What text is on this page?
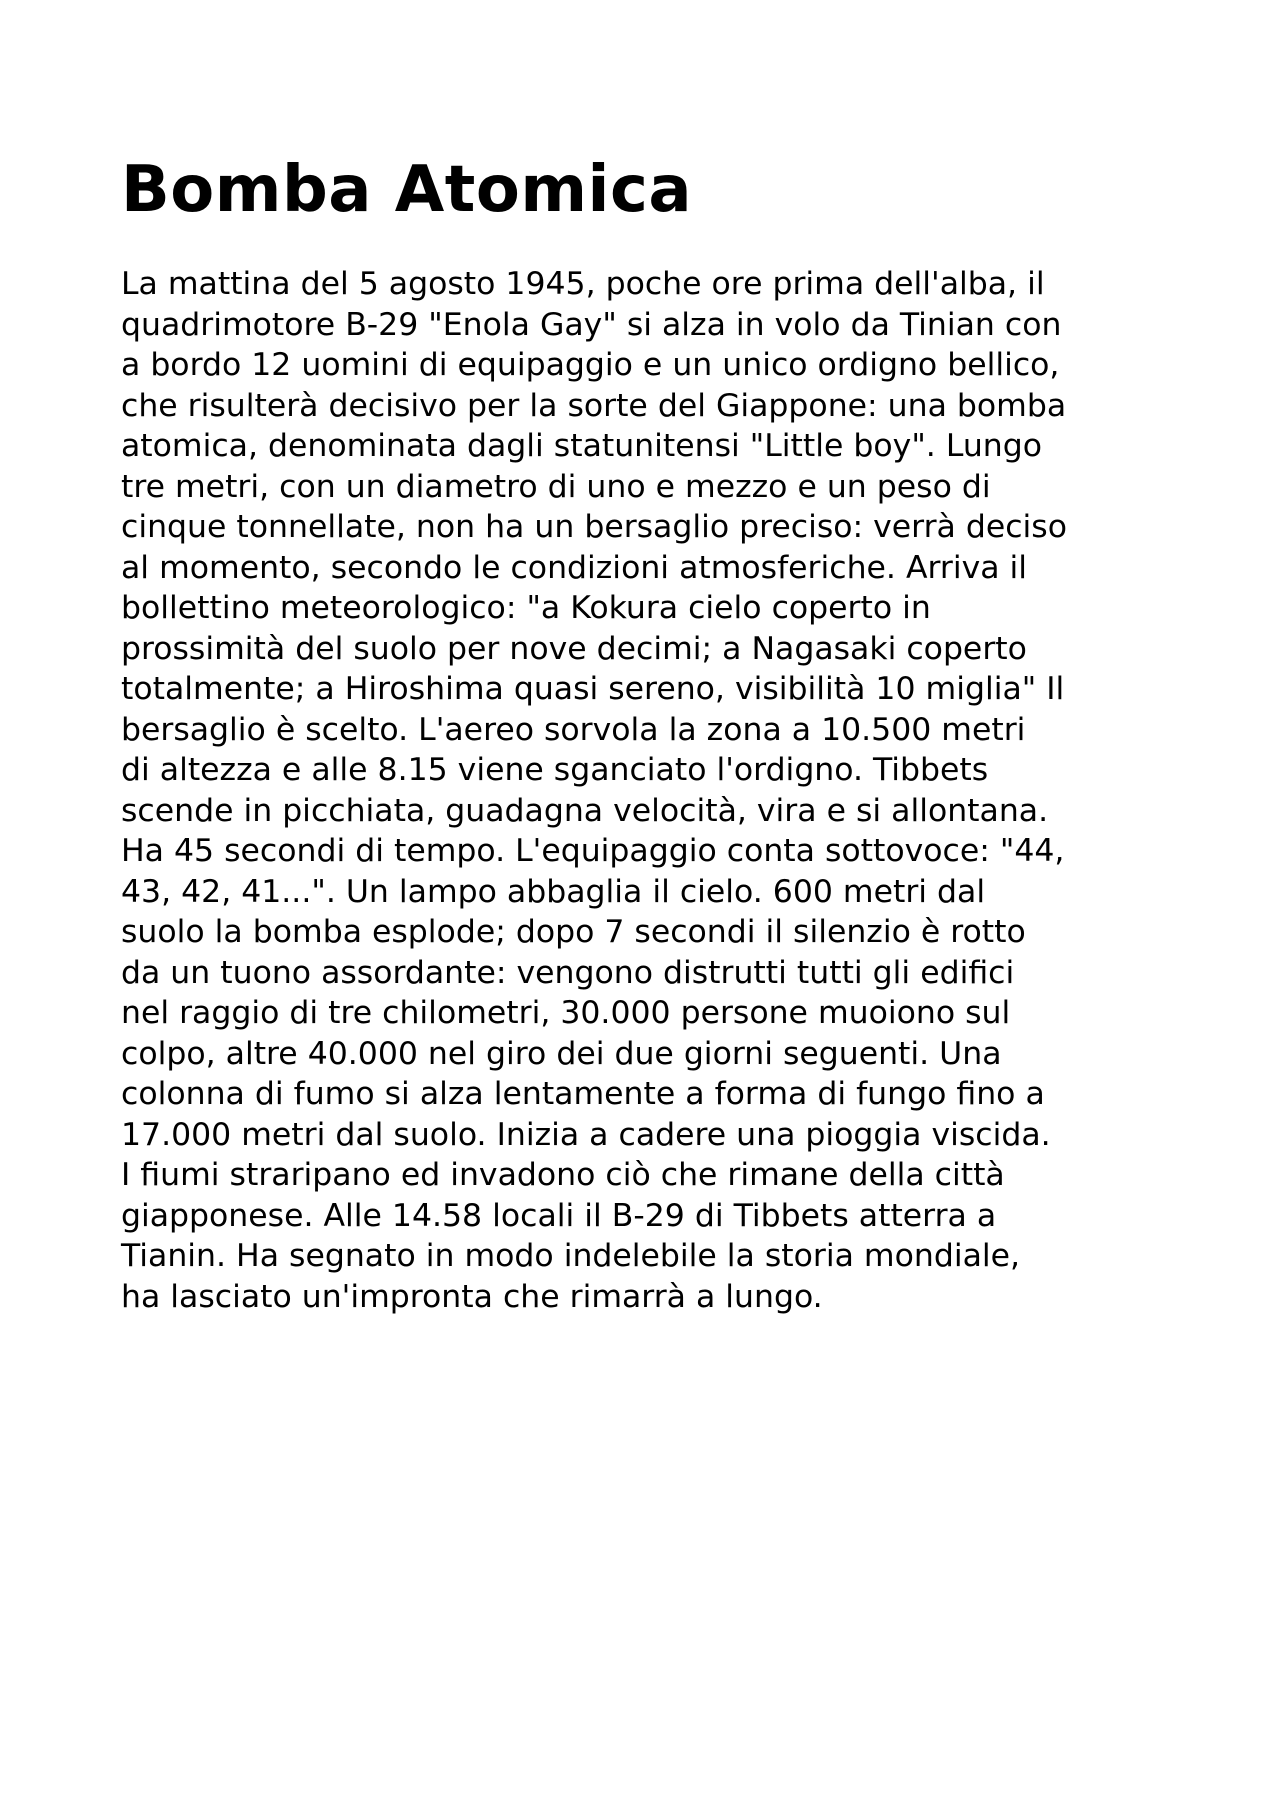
Bomba Atomica

La mattina del 5 agosto 1945, poche ore prima dell'alba, il
quadrimotore B-29 "Enola Gay" si alza in volo da Tinian con
a bordo 12 uomini di equipaggio e un unico ordigno bellico,
che risulterà decisivo per la sorte del Giappone: una bomba
atomica, denominata dagli statunitensi "Little boy". Lungo
tre metri, con un diametro di uno e mezzo e un peso di
cinque tonnellate, non ha un bersaglio preciso: verrà deciso
al momento, secondo le condizioni atmosferiche. Arriva il
bollettino meteorologico: "a Kokura cielo coperto in
prossimità del suolo per nove decimi; a Nagasaki coperto
totalmente; a Hiroshima quasi sereno, visibilità 10 miglia" Il
bersaglio è scelto. L'aereo sorvola la zona a 10.500 metri
di altezza e alle 8.15 viene sganciato l'ordigno. Tibbets
scende in picchiata, guadagna velocità, vira e si allontana.
Ha 45 secondi di tempo. L'equipaggio conta sottovoce: "44,
43, 42, 41...". Un lampo abbaglia il cielo. 600 metri dal
suolo la bomba esplode; dopo 7 secondi il silenzio è rotto
da un tuono assordante: vengono distrutti tutti gli edifici
nel raggio di tre chilometri, 30.000 persone muoiono sul
colpo, altre 40.000 nel giro dei due giorni seguenti. Una
colonna di fumo si alza lentamente a forma di fungo fino a
17.000 metri dal suolo. Inizia a cadere una pioggia viscida.
I fiumi straripano ed invadono ciò che rimane della città
giapponese. Alle 14.58 locali il B-29 di Tibbets atterra a
Tianin. Ha segnato in modo indelebile la storia mondiale,
ha lasciato un'impronta che rimarrà a lungo.
